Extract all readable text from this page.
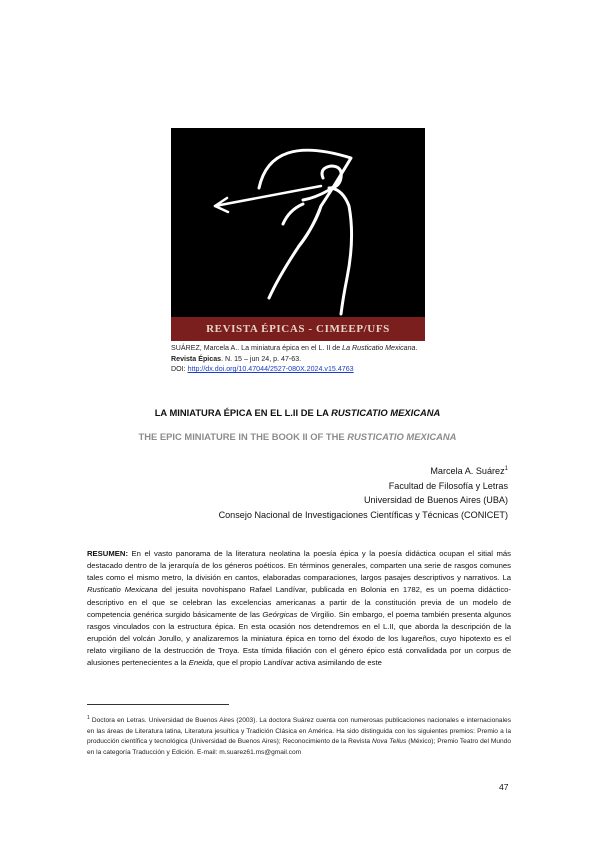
REVISTA ÉPICAS - CIMEEP/UFS
SUÁREZ, Marcela A.. La miniatura épica en el L. II de La Rusticatio Mexicana. Revista Épicas. N. 15 – jun 24, p. 47-63.
DOI: http://dx.doi.org/10.47044/2527-080X.2024.v15.4763
LA MINIATURA ÉPICA EN EL L.II DE LA RUSTICATIO MEXICANA
THE EPIC MINIATURE IN THE BOOK II OF THE RUSTICATIO MEXICANA
Marcela A. Suárez$^1$
Facultad de Filosofía y Letras
Universidad de Buenos Aires (UBA)
Consejo Nacional de Investigaciones Científicas y Técnicas (CONICET)
RESUMEN: En el vasto panorama de la literatura neolatina la poesía épica y la poesía didáctica ocupan el sitial más destacado dentro de la jerarquía de los géneros poéticos. En términos generales, comparten una serie de rasgos comunes tales como el mismo metro, la división en cantos, elaboradas comparaciones, largos pasajes descriptivos y narrativos. La Rusticatio Mexicana del jesuita novohispano Rafael Landívar, publicada en Bolonia en 1782, es un poema didáctico-descriptivo en el que se celebran las excelencias americanas a partir de la constitución previa de un modelo de competencia genérica surgido básicamente de las Geórgicas de Virgilio. Sin embargo, el poema también presenta algunos rasgos vinculados con la estructura épica. En esta ocasión nos detendremos en el L.II, que aborda la descripción de la erupción del volcán Jorullo, y analizaremos la miniatura épica en torno del éxodo de los lugareños, cuyo hipotexto es el relato virgiliano de la destrucción de Troya. Esta tímida filiación con el género épico está convalidada por un corpus de alusiones pertenecientes a la Eneida, que el propio Landívar activa asimilando de este
$^1$ Doctora en Letras. Universidad de Buenos Aires (2003). La doctora Suárez cuenta con numerosas publicaciones nacionales e internacionales en las áreas de Literatura latina, Literatura jesuítica y Tradición Clásica en América. Ha sido distinguida con los siguientes premios: Premio a la producción científica y tecnológica (Universidad de Buenos Aires); Reconocimiento de la Revista Nova Tellus (México); Premio Teatro del Mundo en la categoría Traducción y Edición. E-mail: m.suarez61.ms@gmail.com
47
